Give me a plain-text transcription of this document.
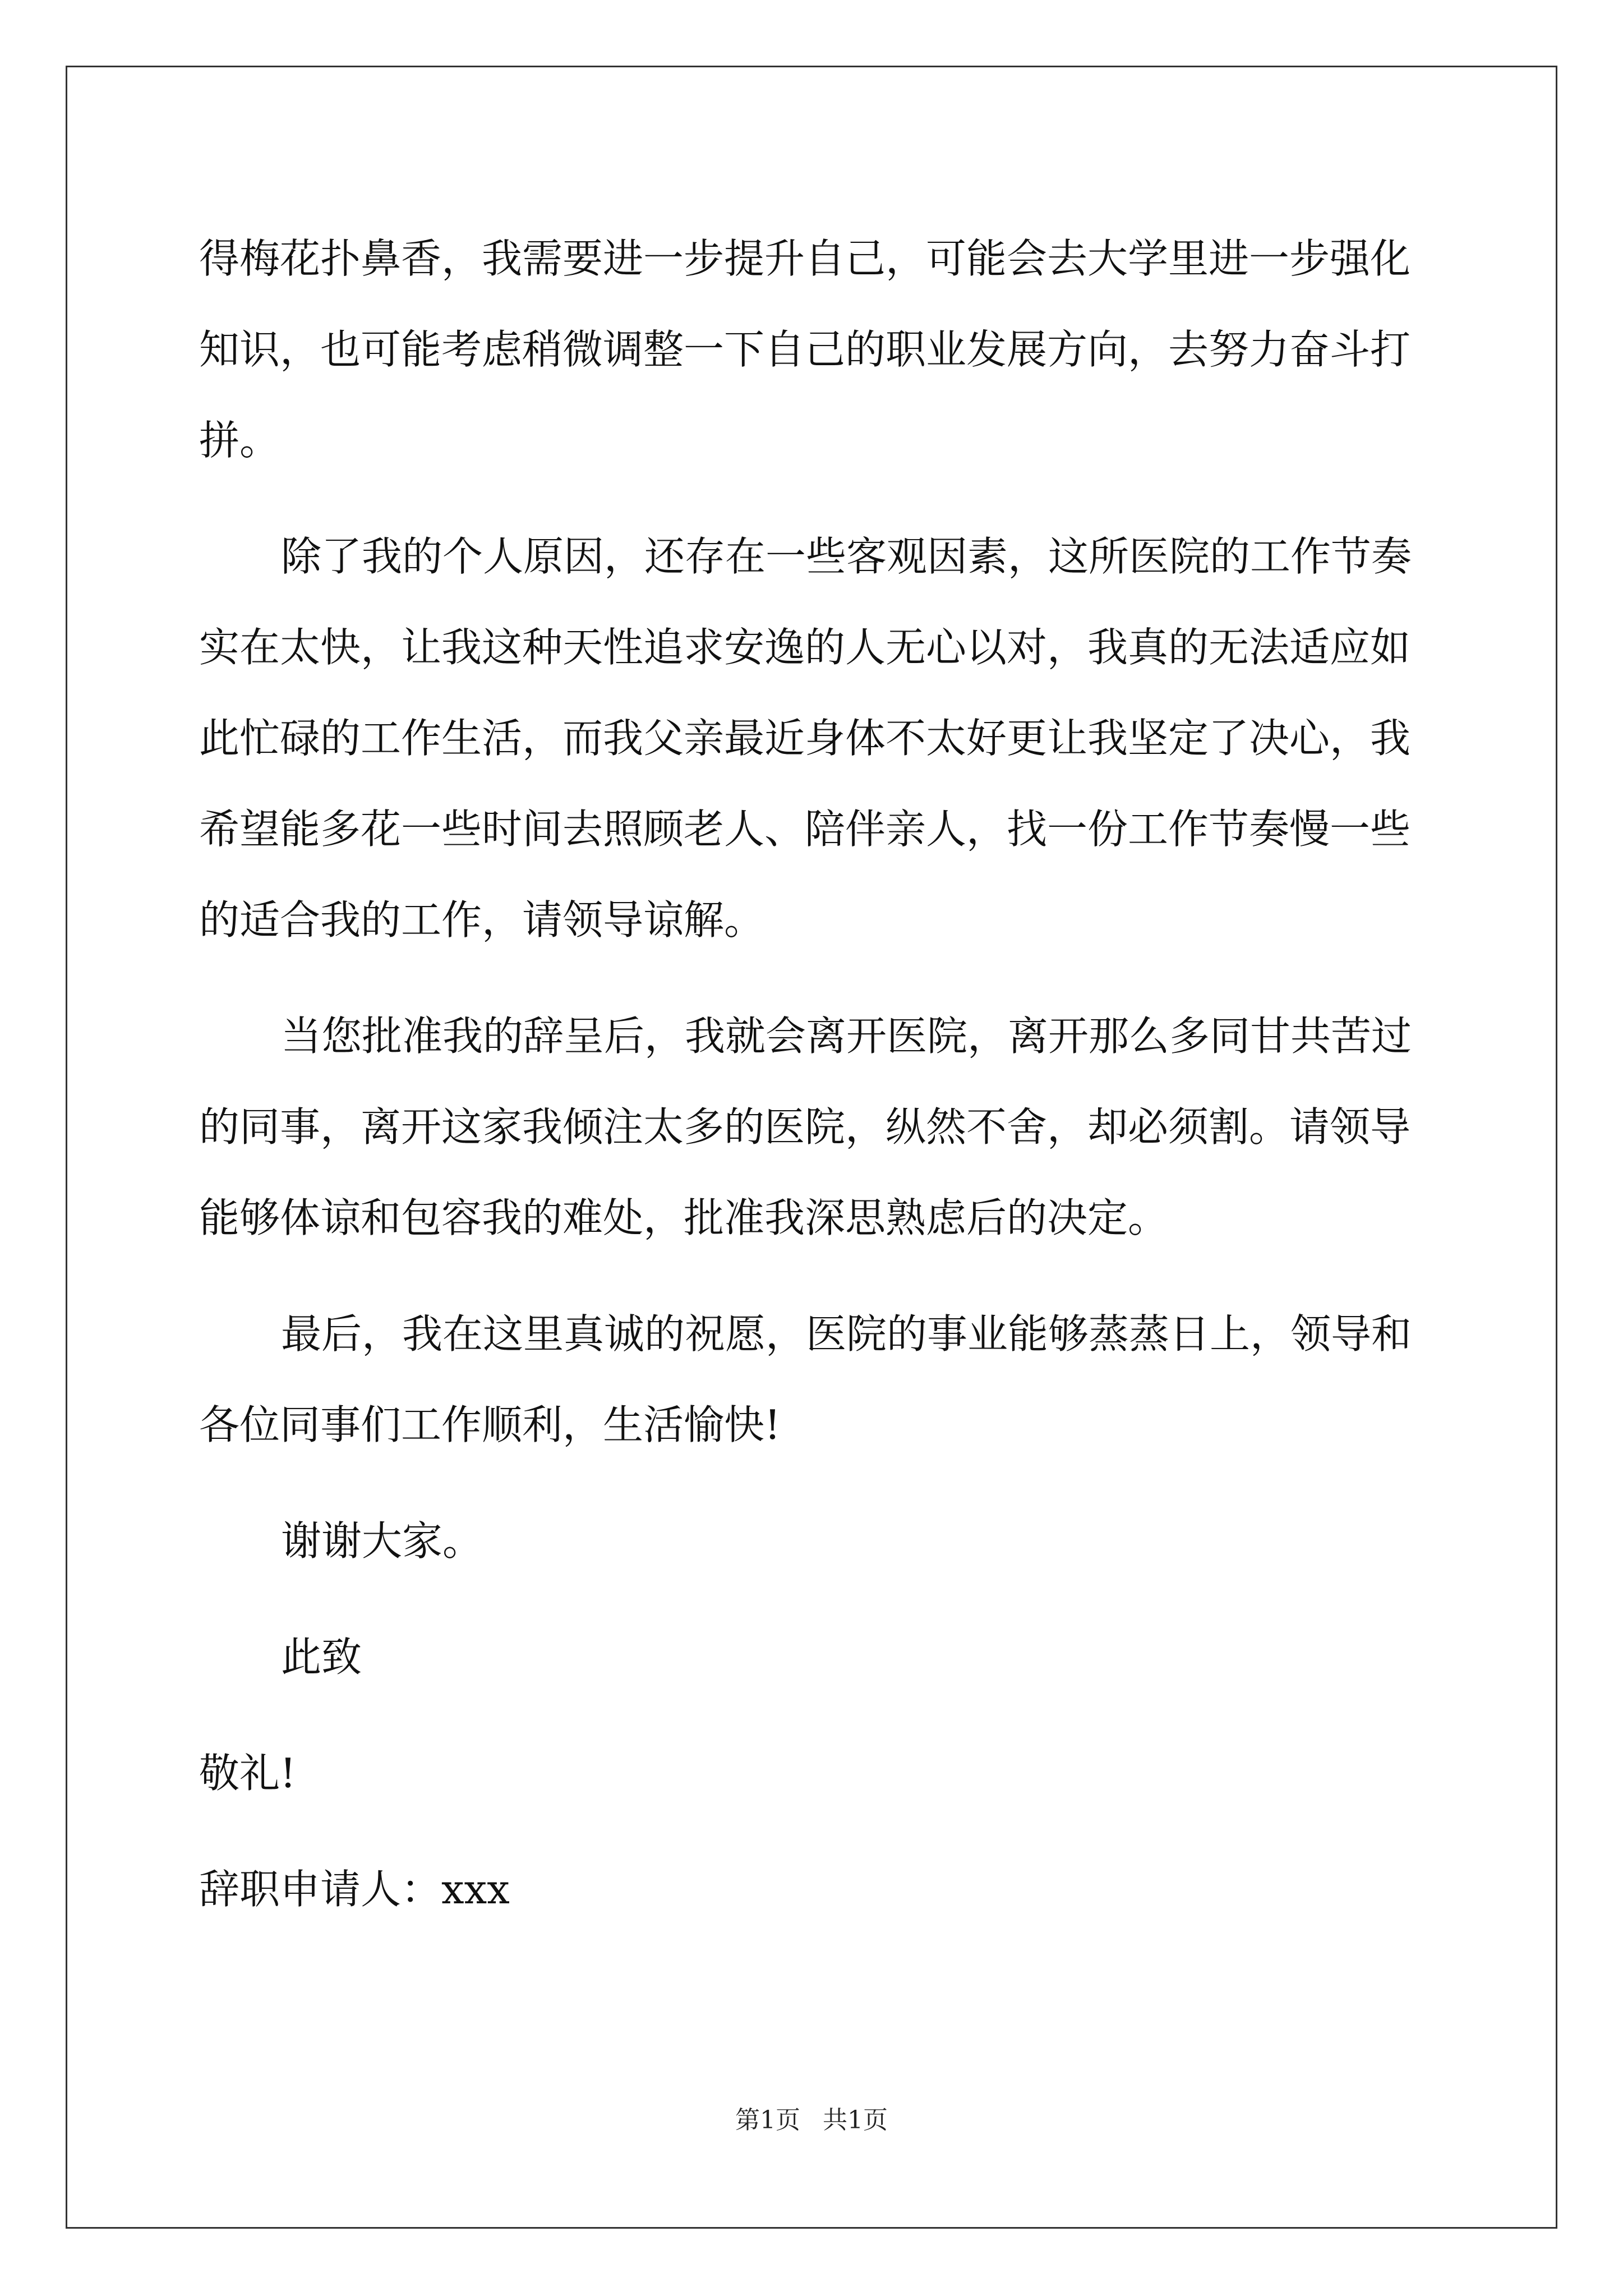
得梅花扑鼻香，我需要进一步提升自己，可能会去大学里进一步强化
知识，也可能考虑稍微调整一下自己的职业发展方向，去努力奋斗打
拼。
除了我的个人原因，还存在一些客观因素，这所医院的工作节奏
实在太快，让我这种天性追求安逸的人无心以对，我真的无法适应如
此忙碌的工作生活，而我父亲最近身体不太好更让我坚定了决心，我
希望能多花一些时间去照顾老人、陪伴亲人，找一份工作节奏慢一些
的适合我的工作，请领导谅解。
当您批准我的辞呈后，我就会离开医院，离开那么多同甘共苦过
的同事，离开这家我倾注太多的医院，纵然不舍，却必须割。请领导
能够体谅和包容我的难处，批准我深思熟虑后的决定。
最后，我在这里真诚的祝愿，医院的事业能够蒸蒸日上，领导和
各位同事们工作顺利，生活愉快!
谢谢大家。
此致
敬礼!
辞职申请人：xxx
第1页 共1页
